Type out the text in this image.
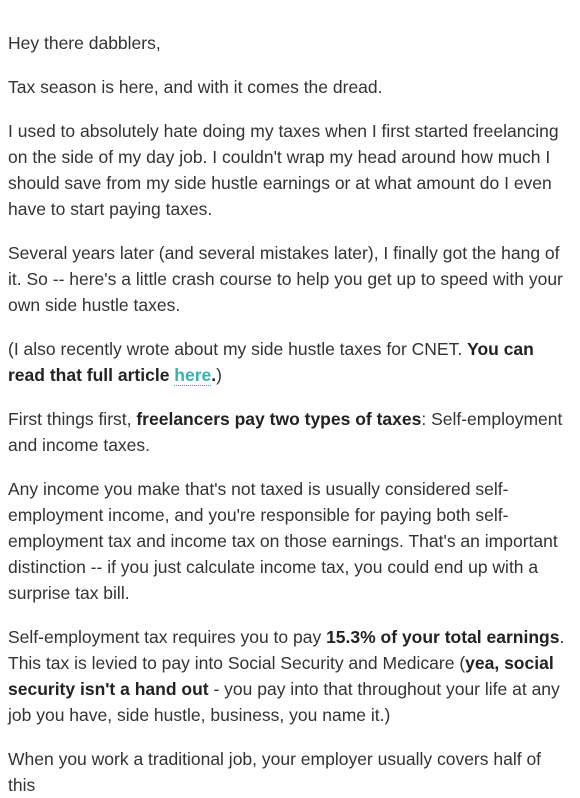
Hey there dabblers,

Tax season is here, and with it comes the dread.

I used to absolutely hate doing my taxes when I first started freelancing on the side of my day job. I couldn't wrap my head around how much I should save from my side hustle earnings or at what amount do I even have to start paying taxes.

Several years later (and several mistakes later), I finally got the hang of it. So -- here's a little crash course to help you get up to speed with your own side hustle taxes.

(I also recently wrote about my side hustle taxes for CNET. You can read that full article here.)

First things first, freelancers pay two types of taxes: Self-employment and income taxes.

Any income you make that's not taxed is usually considered self-employment income, and you're responsible for paying both self-employment tax and income tax on those earnings. That's an important distinction -- if you just calculate income tax, you could end up with a surprise tax bill.

Self-employment tax requires you to pay 15.3% of your total earnings. This tax is levied to pay into Social Security and Medicare (yea, social security isn't a hand out - you pay into that throughout your life at any job you have, side hustle, business, you name it.)

When you work a traditional job, your employer usually covers half of this
